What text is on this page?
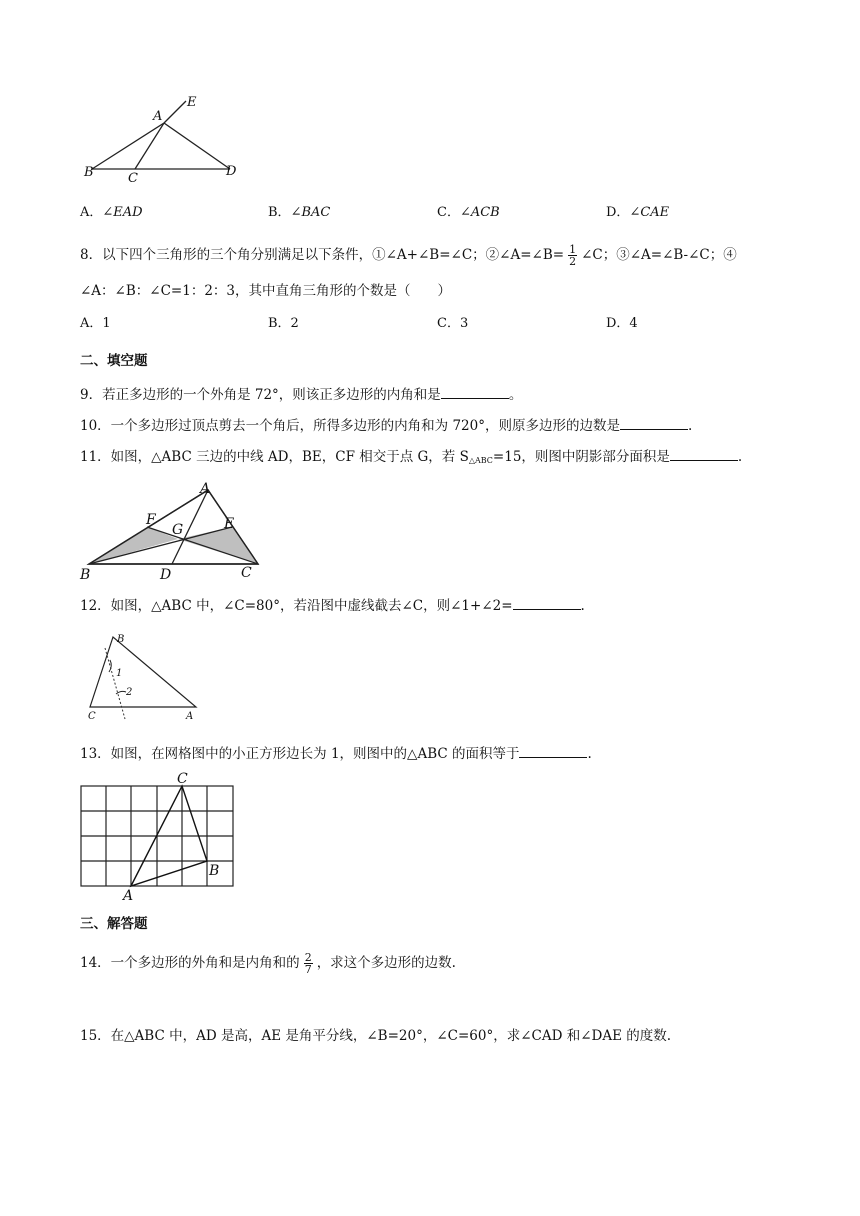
A
E
B	C	D
A．∠EAD	B．∠BAC	C．∠ACB	D．∠CAE
8．以下四个三角形的三个角分别满足以下条件，①∠A+∠B=∠C；②∠A=∠B= $\frac{1}{2}$ ∠C；③∠A=∠B-∠C；④
∠A：∠B：∠C=1：2：3，其中直角三角形的个数是（　　）
A．1	B．2	C．3	D．4
二、填空题
9．若正多边形的一个外角是 72°，则该正多边形的内角和是	。
10．一个多边形过顶点剪去一个角后，所得多边形的内角和为 720°，则原多边形的边数是	.
11．如图，△ABC 三边的中线 AD，BE，CF 相交于点 G，若 $S_{\triangle ABC}=15$，则图中阴影部分面积是	.
A
F
G	E
B	D	C
12．如图，△ABC 中，∠C=80°，若沿图中虚线截去∠C，则∠1+∠2=	.
B
C	A
1
2
13．如图，在网格图中的小正方形边长为 1，则图中的△ABC 的面积等于	.
C
B
A
三、解答题
14．一个多边形的外角和是内角和的 $\frac{2}{7}$ ，求这个多边形的边数.
15．在△ABC 中，AD 是高，AE 是角平分线，∠B=20°，∠C=60°，求∠CAD 和∠DAE 的度数.
